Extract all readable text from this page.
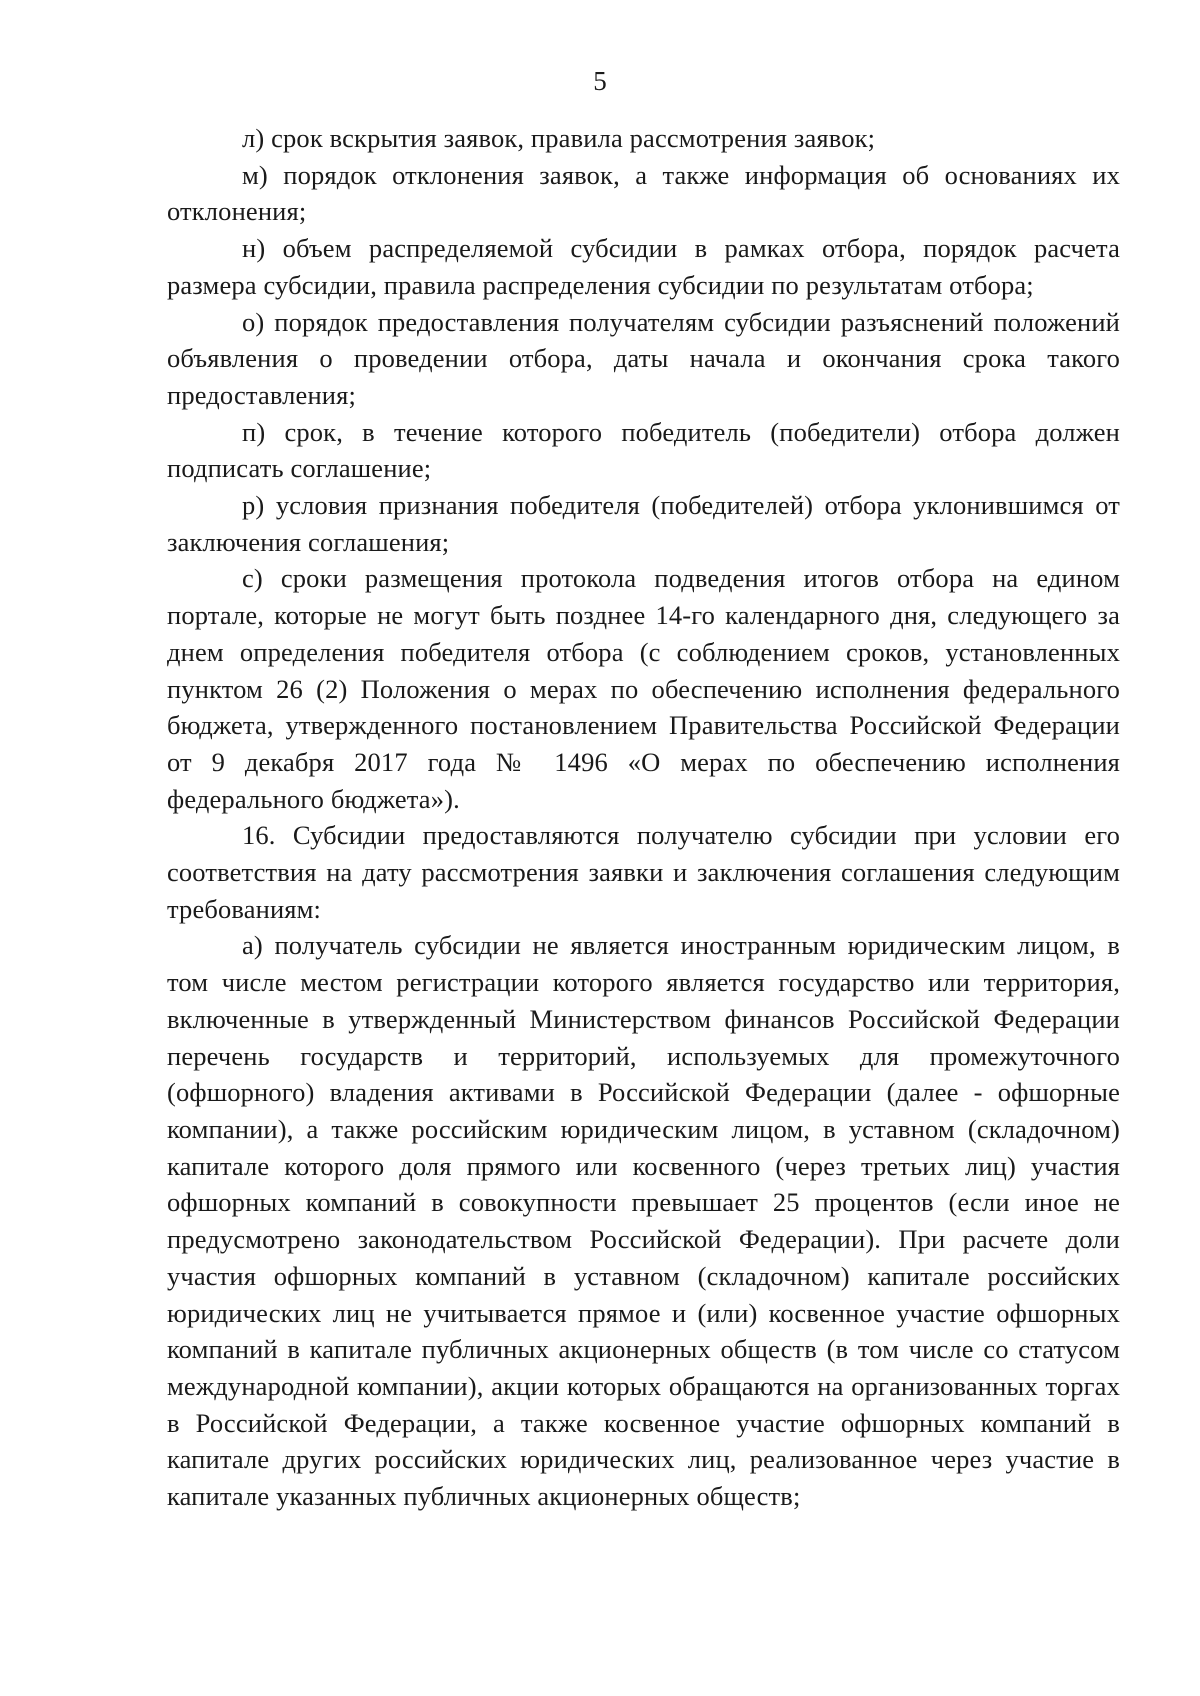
5

л) срок вскрытия заявок, правила рассмотрения заявок;

м) порядок отклонения заявок, а также информация об основаниях их отклонения;

н) объем распределяемой субсидии в рамках отбора, порядок расчета размера субсидии, правила распределения субсидии по результатам отбора;

о) порядок предоставления получателям субсидии разъяснений положений объявления о проведении отбора, даты начала и окончания срока такого предоставления;

п) срок, в течение которого победитель (победители) отбора должен подписать соглашение;

р) условия признания победителя (победителей) отбора уклонившимся от заключения соглашения;

с) сроки размещения протокола подведения итогов отбора на едином портале, которые не могут быть позднее 14-го календарного дня, следующего за днем определения победителя отбора (с соблюдением сроков, установленных пунктом 26 (2) Положения о мерах по обеспечению исполнения федерального бюджета, утвержденного постановлением Правительства Российской Федерации от 9 декабря 2017 года № 1496 «О мерах по обеспечению исполнения федерального бюджета»).

16. Субсидии предоставляются получателю субсидии при условии его соответствия на дату рассмотрения заявки и заключения соглашения следующим требованиям:

а) получатель субсидии не является иностранным юридическим лицом, в том числе местом регистрации которого является государство или территория, включенные в утвержденный Министерством финансов Российской Федерации перечень государств и территорий, используемых для промежуточного (офшорного) владения активами в Российской Федерации (далее - офшорные компании), а также российским юридическим лицом, в уставном (складочном) капитале которого доля прямого или косвенного (через третьих лиц) участия офшорных компаний в совокупности превышает 25 процентов (если иное не предусмотрено законодательством Российской Федерации). При расчете доли участия офшорных компаний в уставном (складочном) капитале российских юридических лиц не учитывается прямое и (или) косвенное участие офшорных компаний в капитале публичных акционерных обществ (в том числе со статусом международной компании), акции которых обращаются на организованных торгах в Российской Федерации, а также косвенное участие офшорных компаний в капитале других российских юридических лиц, реализованное через участие в капитале указанных публичных акционерных обществ;
